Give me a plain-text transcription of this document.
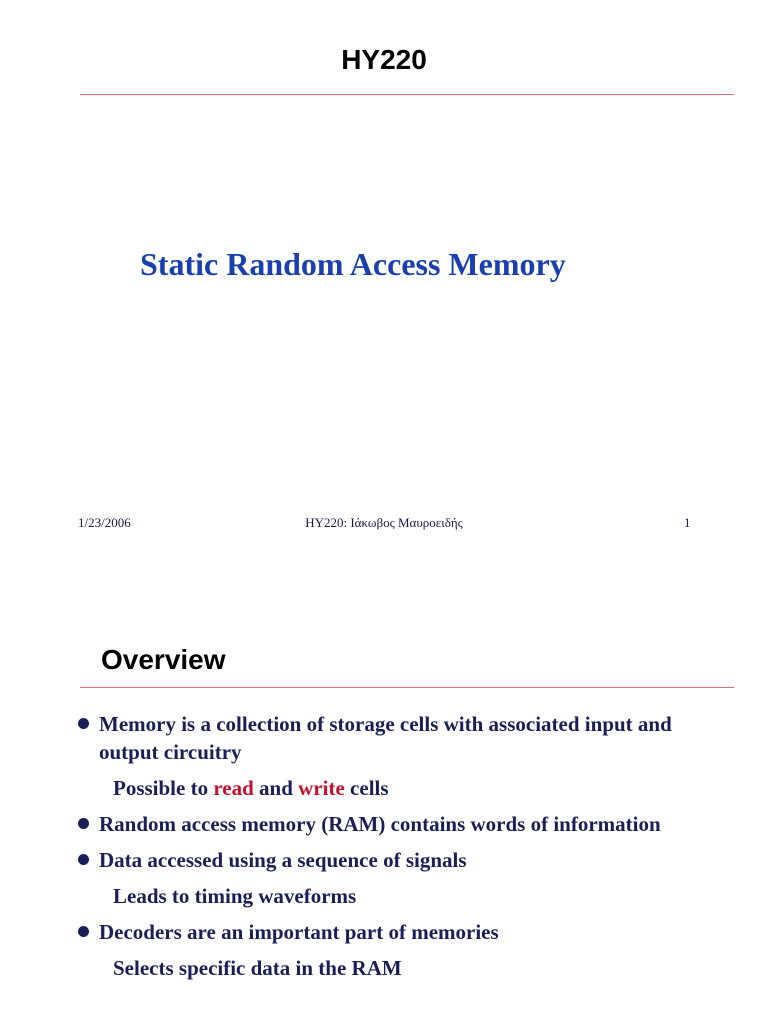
HY220
Static Random Access Memory
1/23/2006	HY220: Ιάκωβος Μαυροειδής	1
Overview
Memory is a collection of storage cells with associated input and output circuitry
Possible to read and write cells
Random access memory (RAM) contains words of information
Data accessed using a sequence of signals
Leads to timing waveforms
Decoders are an important part of memories
Selects specific data in the RAM
